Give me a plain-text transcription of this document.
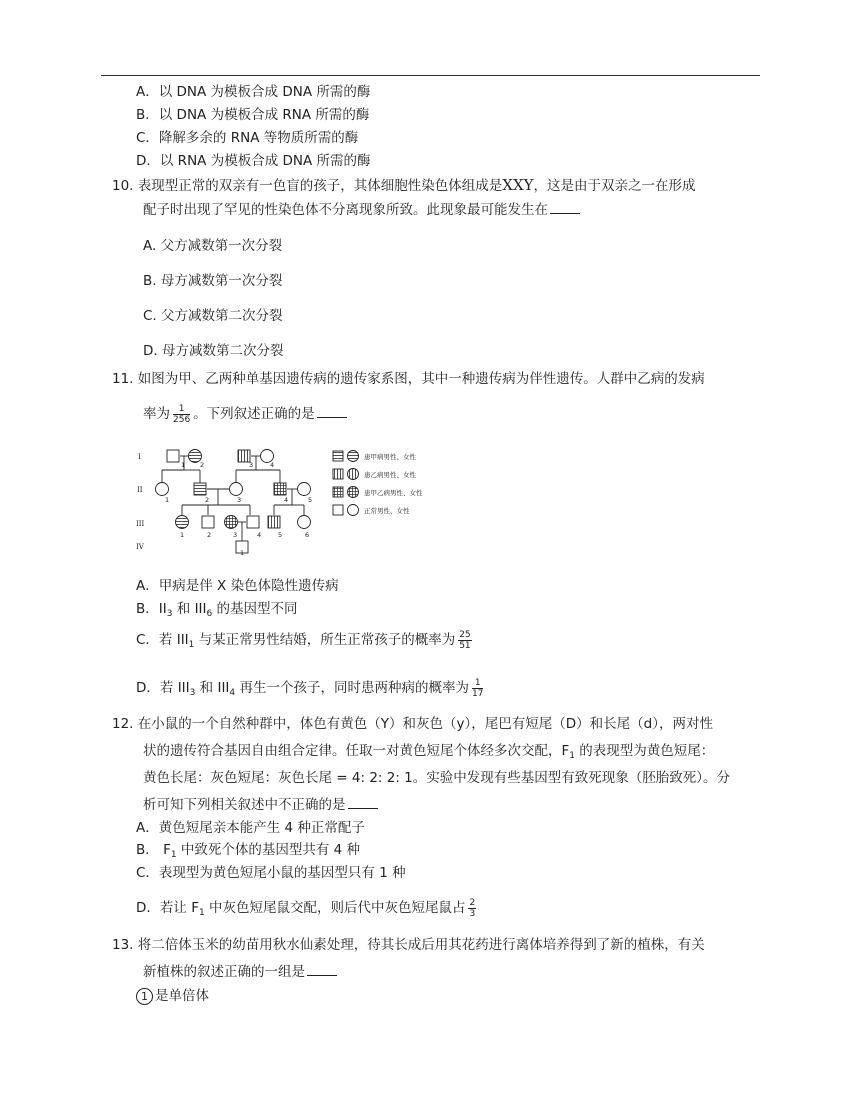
A．以 DNA 为模板合成 DNA 所需的酶
B．以 DNA 为模板合成 RNA 所需的酶
C．降解多余的 RNA 等物质所需的酶
D．以 RNA 为模板合成 DNA 所需的酶
10. 表现型正常的双亲有一色盲的孩子，其体细胞性染色体组成是XXY，这是由于双亲之一在形成
配子时出现了罕见的性染色体不分离现象所致。此现象最可能发生在
A. 父方减数第一次分裂
B. 母方减数第一次分裂
C. 父方减数第二次分裂
D. 母方减数第二次分裂
11. 如图为甲、乙两种单基因遗传病的遗传家系图，其中一种遗传病为伴性遗传。人群中乙病的发病
率为 $\frac{1}{256}$ 。下列叙述正确的是
I
II
III
IV
1 2	3	4
1	2	3	4	5
1	2	3	4	5	6
1
患甲病男性、女性
患乙病男性、女性
患甲乙病男性、女性
正常男性、女性
A．甲病是伴 X 染色体隐性遗传病
B．$II_3$ 和 $III_6$ 的基因型不同
C．若 $III_1$ 与某正常男性结婚，所生正常孩子的概率为 $\frac{25}{51}$
D．若 $III_3$ 和 $III_4$ 再生一个孩子，同时患两种病的概率为 $\frac{1}{17}$
12. 在小鼠的一个自然种群中，体色有黄色（Y）和灰色（y），尾巴有短尾（D）和长尾（d），两对性
状的遗传符合基因自由组合定律。任取一对黄色短尾个体经多次交配，$F_1$ 的表现型为黄色短尾：
黄色长尾：灰色短尾：灰色长尾 = 4: 2: 2: 1。实验中发现有些基因型有致死现象（胚胎致死）。分
析可知下列相关叙述中不正确的是
A．黄色短尾亲本能产生 4 种正常配子
B． $F_1$ 中致死个体的基因型共有 4 种
C．表现型为黄色短尾小鼠的基因型只有 1 种
D．若让 $F_1$ 中灰色短尾鼠交配，则后代中灰色短尾鼠占 $\frac{2}{3}$
13. 将二倍体玉米的幼苗用秋水仙素处理，待其长成后用其花药进行离体培养得到了新的植株，有关
新植株的叙述正确的一组是
1 是单倍体
